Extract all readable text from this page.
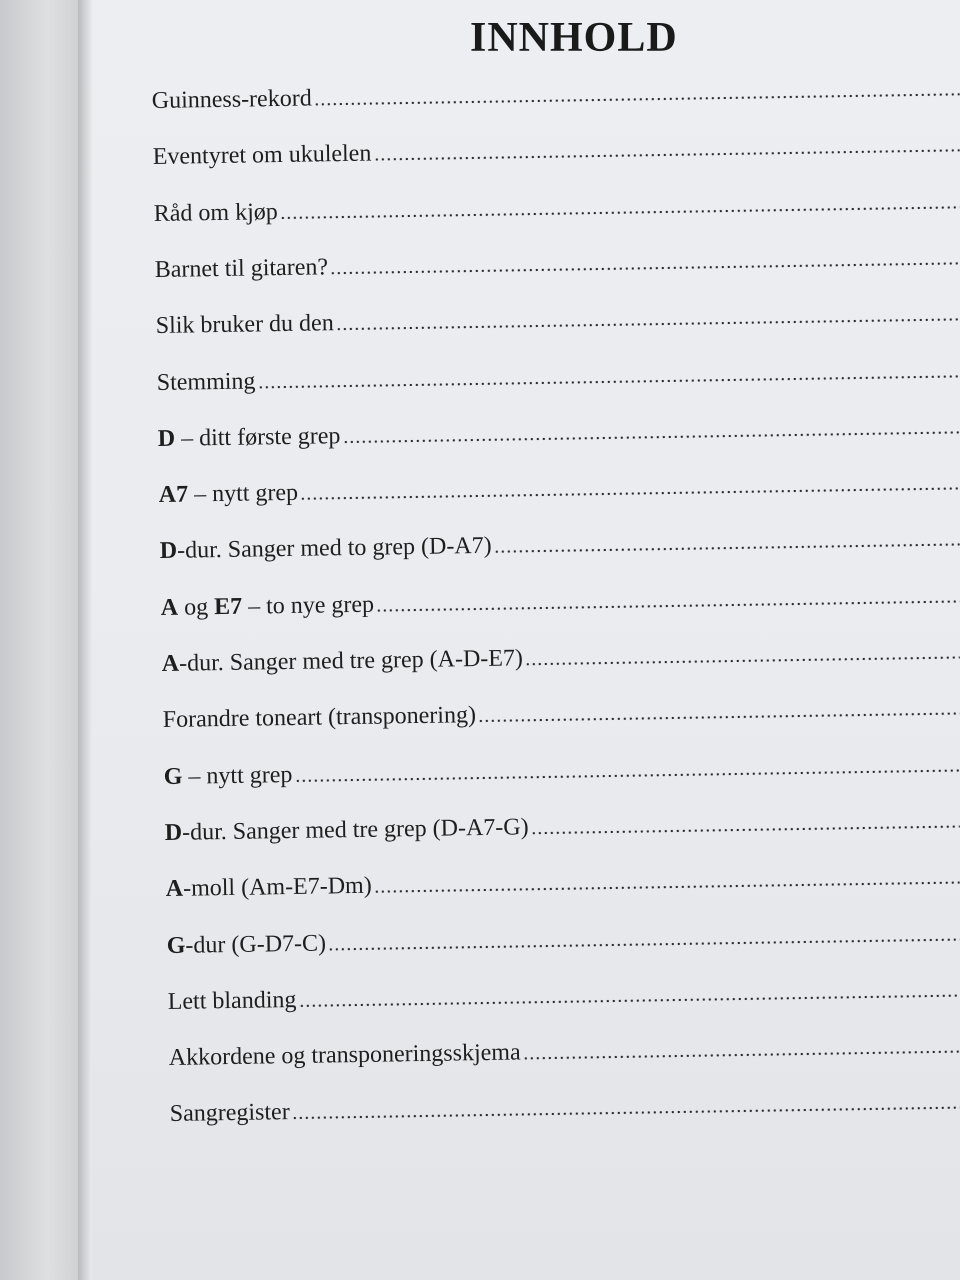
INNHOLD
Guinness-rekord
Eventyret om ukulelen
Råd om kjøp
Barnet til gitaren?
Slik bruker du den
Stemming
D – ditt første grep
A7 – nytt grep
D-dur. Sanger med to grep (D-A7)
A og E7 – to nye grep
A-dur. Sanger med tre grep (A-D-E7)
Forandre toneart (transponering)
G – nytt grep
D-dur. Sanger med tre grep (D-A7-G)
A-moll (Am-E7-Dm)
G-dur (G-D7-C)
Lett blanding
Akkordene og transponeringsskjema
Sangregister
